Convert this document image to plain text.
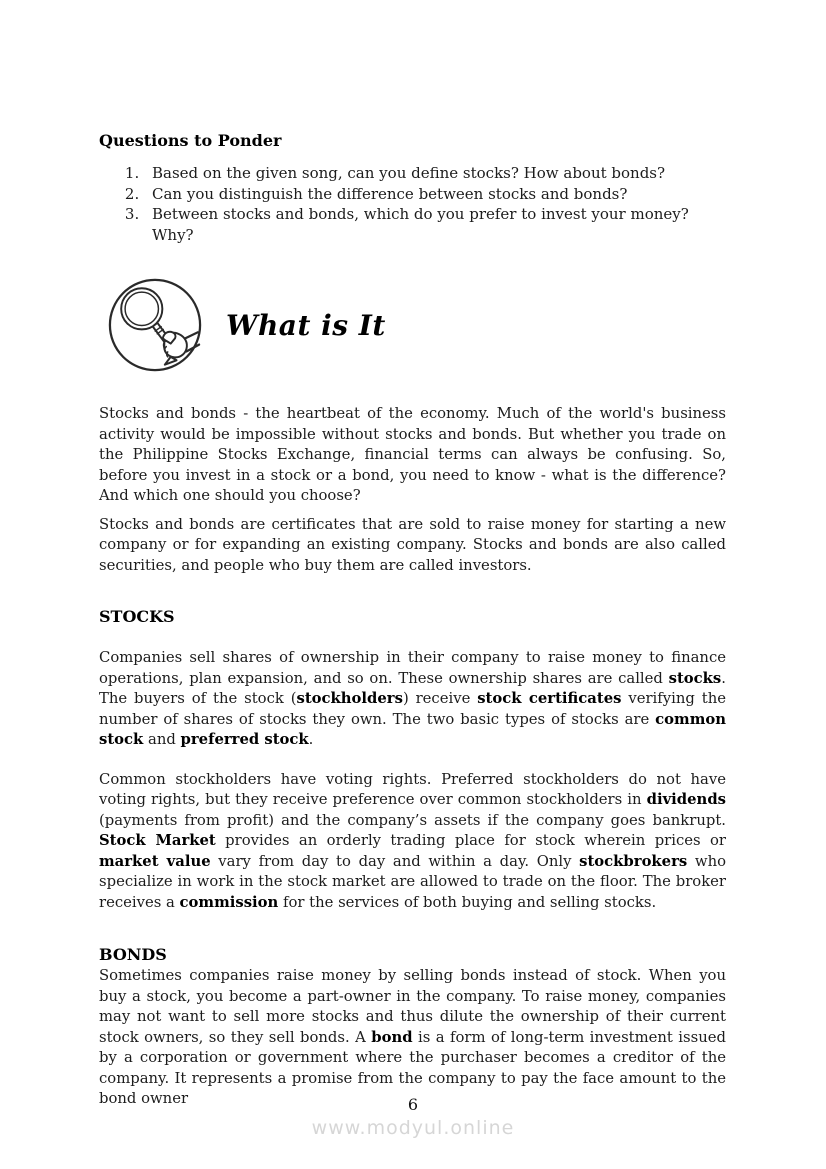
Questions to Ponder
1. Based on the given song, can you define stocks? How about bonds?
2. Can you distinguish the difference between stocks and bonds?
3. Between stocks and bonds, which do you prefer to invest your money? Why?
What is It

Stocks and bonds - the heartbeat of the economy. Much of the world's business activity would be impossible without stocks and bonds. But whether you trade on the Philippine Stocks Exchange, financial terms can always be confusing. So, before you invest in a stock or a bond, you need to know - what is the difference? And which one should you choose?

Stocks and bonds are certificates that are sold to raise money for starting a new company or for expanding an existing company. Stocks and bonds are also called securities, and people who buy them are called investors.

STOCKS

Companies sell shares of ownership in their company to raise money to finance operations, plan expansion, and so on. These ownership shares are called stocks. The buyers of the stock (stockholders) receive stock certificates verifying the number of shares of stocks they own. The two basic types of stocks are common stock and preferred stock.

Common stockholders have voting rights. Preferred stockholders do not have voting rights, but they receive preference over common stockholders in dividends (payments from profit) and the company’s assets if the company goes bankrupt. Stock Market provides an orderly trading place for stock wherein prices or market value vary from day to day and within a day. Only stockbrokers who specialize in work in the stock market are allowed to trade on the floor. The broker receives a commission for the services of both buying and selling stocks.

BONDS

Sometimes companies raise money by selling bonds instead of stock. When you buy a stock, you become a part-owner in the company. To raise money, companies may not want to sell more stocks and thus dilute the ownership of their current stock owners, so they sell bonds. A bond is a form of long-term investment issued by a corporation or government where the purchaser becomes a creditor of the company. It represents a promise from the company to pay the face amount to the bond owner	6
www.modyul.online
